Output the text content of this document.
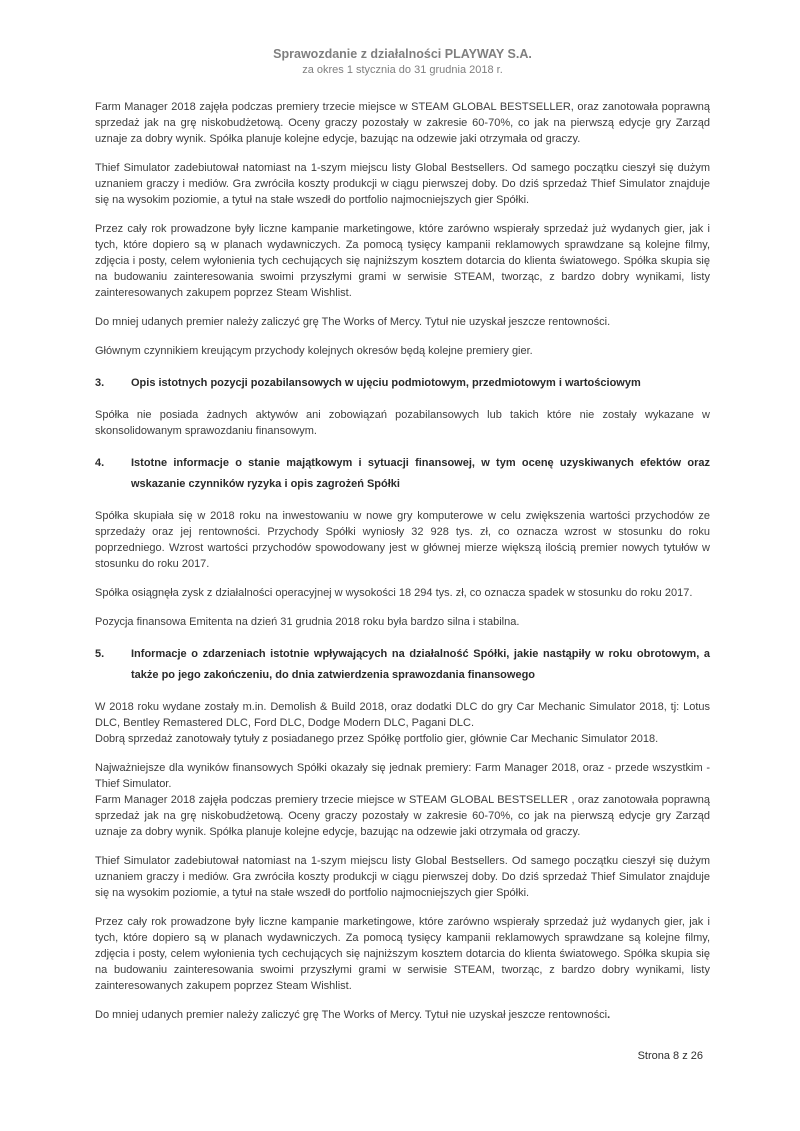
Sprawozdanie z działalności PLAYWAY S.A.
za okres 1 stycznia do 31 grudnia 2018 r.

Farm Manager 2018 zajęła podczas premiery trzecie miejsce w STEAM GLOBAL BESTSELLER, oraz zanotowała poprawną sprzedaż jak na grę niskobudżetową. Oceny graczy pozostały w zakresie 60-70%, co jak na pierwszą edycje gry Zarząd uznaje za dobry wynik. Spółka planuje kolejne edycje, bazując na odzewie jaki otrzymała od graczy.

Thief Simulator zadebiutował natomiast na 1-szym miejscu listy Global Bestsellers. Od samego początku cieszył się dużym uznaniem graczy i mediów. Gra zwróciła koszty produkcji w ciągu pierwszej doby. Do dziś sprzedaż Thief Simulator znajduje się na wysokim poziomie, a tytuł na stałe wszedł do portfolio najmocniejszych gier Spółki.

Przez cały rok prowadzone były liczne kampanie marketingowe, które zarówno wspierały sprzedaż już wydanych gier, jak i tych, które dopiero są w planach wydawniczych. Za pomocą tysięcy kampanii reklamowych sprawdzane są kolejne filmy, zdjęcia i posty, celem wyłonienia tych cechujących się najniższym kosztem dotarcia do klienta światowego. Spółka skupia się na budowaniu zainteresowania swoimi przyszłymi grami w serwisie STEAM, tworząc, z bardzo dobry wynikami, listy zainteresowanych zakupem poprzez Steam Wishlist.

Do mniej udanych premier należy zaliczyć grę The Works of Mercy. Tytuł nie uzyskał jeszcze rentowności.

Głównym czynnikiem kreującym przychody kolejnych okresów będą kolejne premiery gier.

3.	Opis istotnych pozycji pozabilansowych w ujęciu podmiotowym, przedmiotowym i wartościowym

Spółka nie posiada żadnych aktywów ani zobowiązań pozabilansowych lub takich które nie zostały wykazane w skonsolidowanym sprawozdaniu finansowym.

4.	Istotne informacje o stanie majątkowym i sytuacji finansowej, w tym ocenę uzyskiwanych efektów oraz wskazanie czynników ryzyka i opis zagrożeń Spółki

Spółka skupiała się w 2018 roku na inwestowaniu w nowe gry komputerowe w celu zwiększenia wartości przychodów ze sprzedaży oraz jej rentowności. Przychody Spółki wyniosły 32 928 tys. zł, co oznacza wzrost w stosunku do roku poprzedniego. Wzrost wartości przychodów spowodowany jest w głównej mierze większą ilością premier nowych tytułów w stosunku do roku 2017.

Spółka osiągnęła zysk z działalności operacyjnej w wysokości 18 294 tys. zł, co oznacza spadek w stosunku do roku 2017.

Pozycja finansowa Emitenta na dzień 31 grudnia 2018 roku była bardzo silna i stabilna.

5.	Informacje o zdarzeniach istotnie wpływających na działalność Spółki, jakie nastąpiły w roku obrotowym, a także po jego zakończeniu, do dnia zatwierdzenia sprawozdania finansowego

W 2018 roku wydane zostały m.in. Demolish & Build 2018, oraz dodatki DLC do gry Car Mechanic Simulator 2018, tj: Lotus DLC, Bentley Remastered DLC, Ford DLC, Dodge Modern DLC, Pagani DLC.

Dobrą sprzedaż zanotowały tytuły z posiadanego przez Spółkę portfolio gier, głównie Car Mechanic Simulator 2018.

Najważniejsze dla wyników finansowych Spółki okazały się jednak premiery: Farm Manager 2018, oraz - przede wszystkim - Thief Simulator.

Farm Manager 2018 zajęła podczas premiery trzecie miejsce w STEAM GLOBAL BESTSELLER , oraz zanotowała poprawną sprzedaż jak na grę niskobudżetową. Oceny graczy pozostały w zakresie 60-70%, co jak na pierwszą edycje gry Zarząd uznaje za dobry wynik. Spółka planuje kolejne edycje, bazując na odzewie jaki otrzymała od graczy.

Thief Simulator zadebiutował natomiast na 1-szym miejscu listy Global Bestsellers. Od samego początku cieszył się dużym uznaniem graczy i mediów. Gra zwróciła koszty produkcji w ciągu pierwszej doby. Do dziś sprzedaż Thief Simulator znajduje się na wysokim poziomie, a tytuł na stałe wszedł do portfolio najmocniejszych gier Spółki.

Przez cały rok prowadzone były liczne kampanie marketingowe, które zarówno wspierały sprzedaż już wydanych gier, jak i tych, które dopiero są w planach wydawniczych. Za pomocą tysięcy kampanii reklamowych sprawdzane są kolejne filmy, zdjęcia i posty, celem wyłonienia tych cechujących się najniższym kosztem dotarcia do klienta światowego. Spółka skupia się na budowaniu zainteresowania swoimi przyszłymi grami w serwisie STEAM, tworząc, z bardzo dobry wynikami, listy zainteresowanych zakupem poprzez Steam Wishlist.

Do mniej udanych premier należy zaliczyć grę The Works of Mercy. Tytuł nie uzyskał jeszcze rentowności.

Strona 8 z 26
